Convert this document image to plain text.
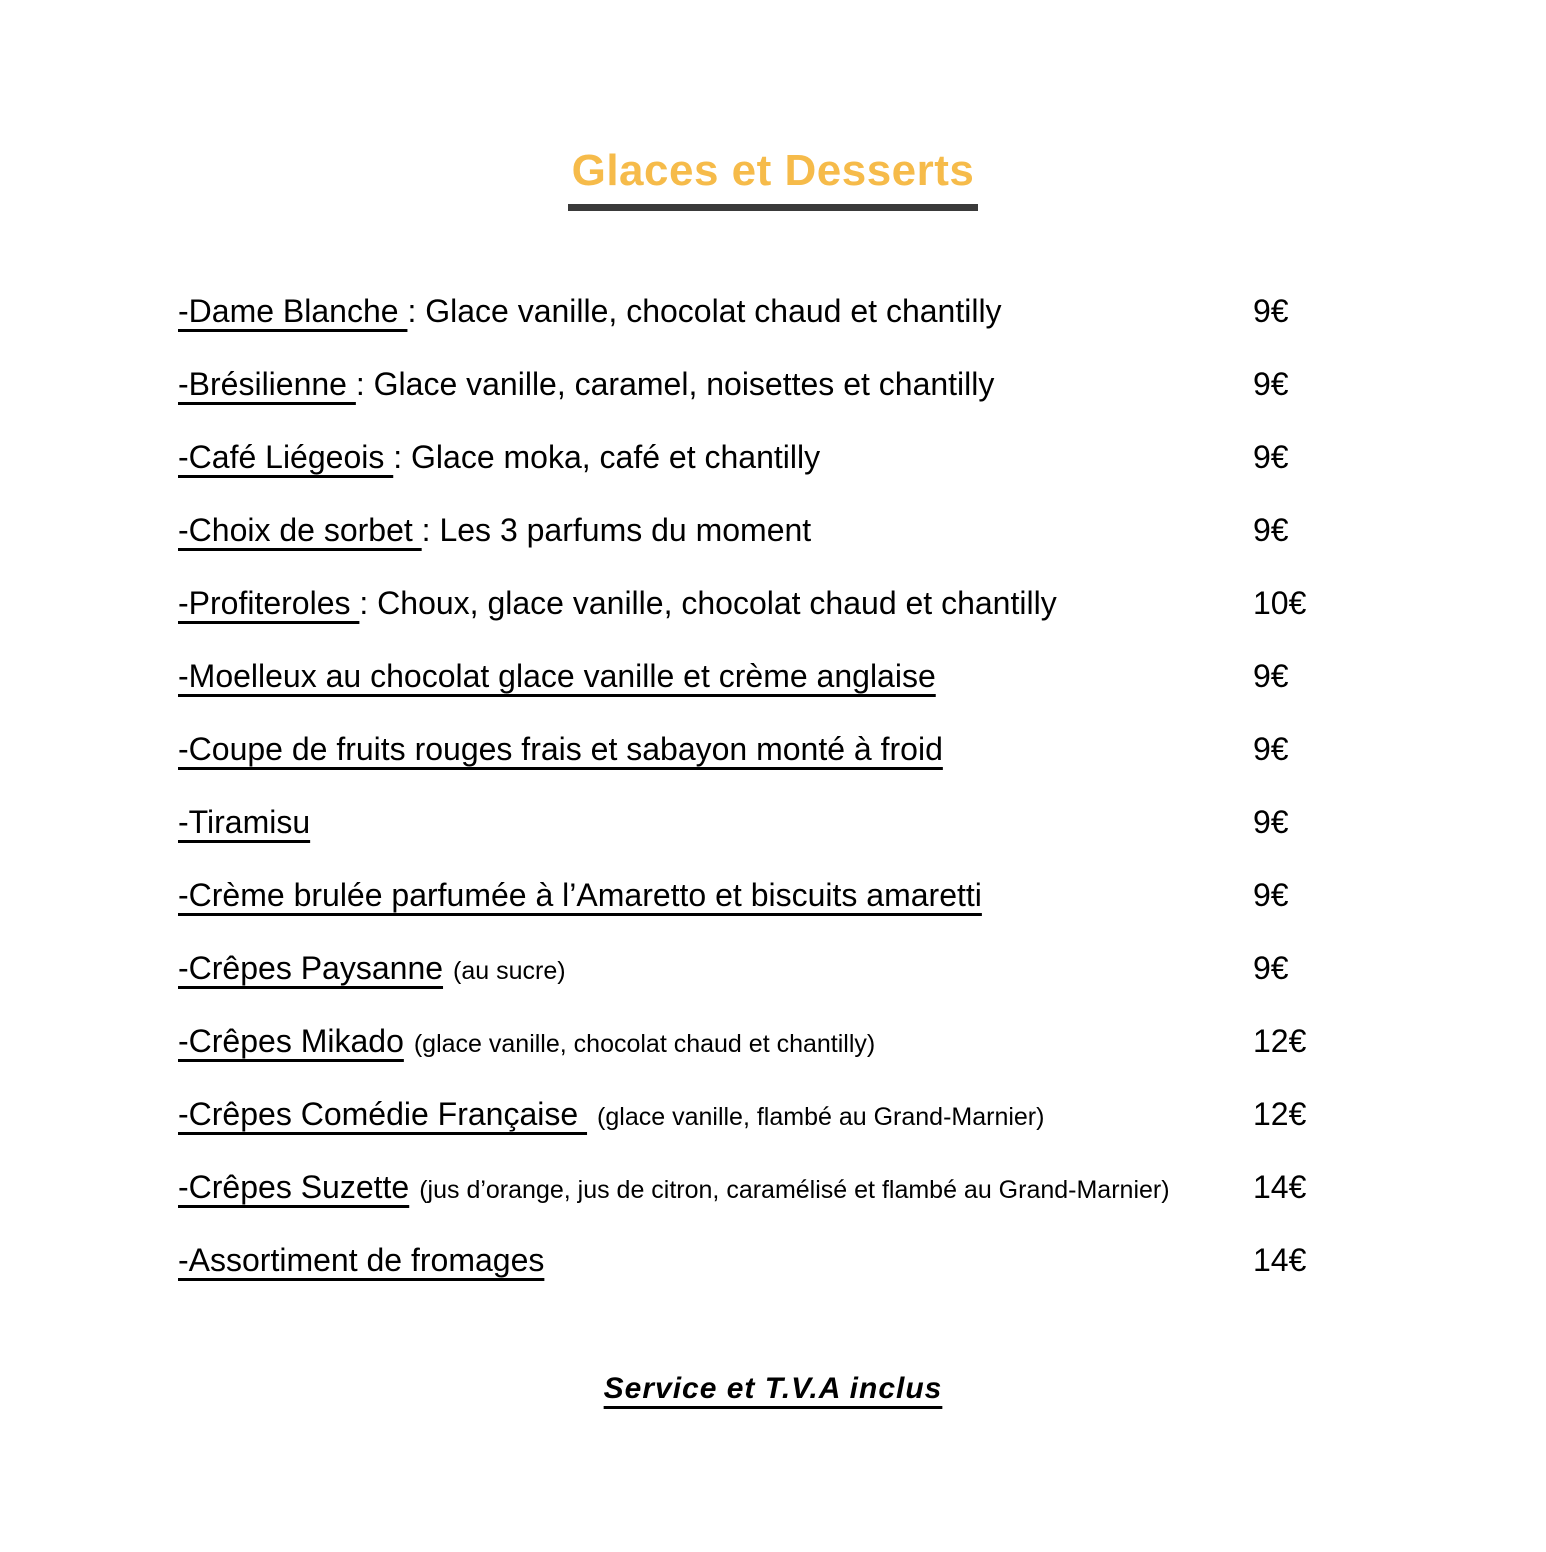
Glaces et Desserts
-Dame Blanche : Glace vanille, chocolat chaud et chantilly	9€
-Brésilienne : Glace vanille, caramel, noisettes et chantilly	9€
-Café Liégeois : Glace moka, café et chantilly	9€
-Choix de sorbet : Les 3 parfums du moment	9€
-Profiteroles : Choux, glace vanille, chocolat chaud et chantilly	10€
-Moelleux au chocolat glace vanille et crème anglaise	9€
-Coupe de fruits rouges frais et sabayon monté à froid	9€
-Tiramisu	9€
-Crème brulée parfumée à l’Amaretto et biscuits amaretti	9€
-Crêpes Paysanne (au sucre)	9€
-Crêpes Mikado (glace vanille, chocolat chaud et chantilly)	12€
-Crêpes Comédie Française (glace vanille, flambé au Grand-Marnier)	12€
-Crêpes Suzette (jus d’orange, jus de citron, caramélisé et flambé au Grand-Marnier)	14€
-Assortiment de fromages	14€
Service et T.V.A inclus
